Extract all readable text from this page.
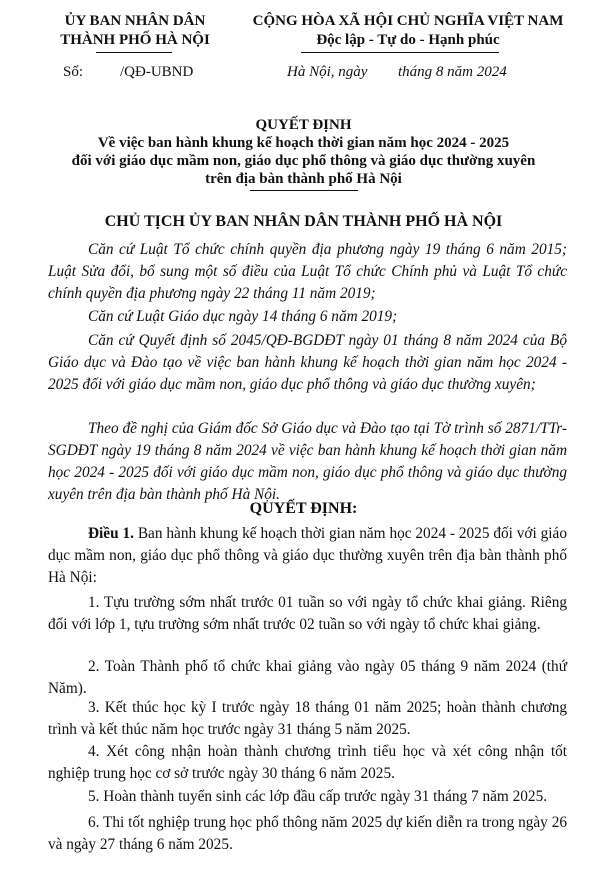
ỦY BAN NHÂN DÂN
THÀNH PHỐ HÀ NỘI
Số: /QĐ-UBND
CỘNG HÒA XÃ HỘI CHỦ NGHĨA VIỆT NAM
Độc lập - Tự do - Hạnh phúc
Hà Nội, ngày tháng 8 năm 2024
QUYẾT ĐỊNH
Về việc ban hành khung kế hoạch thời gian năm học 2024 - 2025
đối với giáo dục mầm non, giáo dục phổ thông và giáo dục thường xuyên
trên địa bàn thành phố Hà Nội
CHỦ TỊCH ỦY BAN NHÂN DÂN THÀNH PHỐ HÀ NỘI
Căn cứ Luật Tổ chức chính quyền địa phương ngày 19 tháng 6 năm 2015; Luật Sửa đổi, bổ sung một số điều của Luật Tổ chức Chính phủ và Luật Tổ chức chính quyền địa phương ngày 22 tháng 11 năm 2019;
Căn cứ Luật Giáo dục ngày 14 tháng 6 năm 2019;
Căn cứ Quyết định số 2045/QĐ-BGDĐT ngày 01 tháng 8 năm 2024 của Bộ Giáo dục và Đào tạo về việc ban hành khung kế hoạch thời gian năm học 2024 - 2025 đối với giáo dục mầm non, giáo dục phổ thông và giáo dục thường xuyên;
Theo đề nghị của Giám đốc Sở Giáo dục và Đào tạo tại Tờ trình số 2871/TTr-SGDĐT ngày 19 tháng 8 năm 2024 về việc ban hành khung kế hoạch thời gian năm học 2024 - 2025 đối với giáo dục mầm non, giáo dục phổ thông và giáo dục thường xuyên trên địa bàn thành phố Hà Nội.
QUYẾT ĐỊNH:
Điều 1. Ban hành khung kế hoạch thời gian năm học 2024 - 2025 đối với giáo dục mầm non, giáo dục phổ thông và giáo dục thường xuyên trên địa bàn thành phố Hà Nội:
1. Tựu trường sớm nhất trước 01 tuần so với ngày tổ chức khai giảng. Riêng đối với lớp 1, tựu trường sớm nhất trước 02 tuần so với ngày tổ chức khai giảng.
2. Toàn Thành phố tổ chức khai giảng vào ngày 05 tháng 9 năm 2024 (thứ Năm).
3. Kết thúc học kỳ I trước ngày 18 tháng 01 năm 2025; hoàn thành chương trình và kết thúc năm học trước ngày 31 tháng 5 năm 2025.
4. Xét công nhận hoàn thành chương trình tiểu học và xét công nhận tốt nghiệp trung học cơ sở trước ngày 30 tháng 6 năm 2025.
5. Hoàn thành tuyển sinh các lớp đầu cấp trước ngày 31 tháng 7 năm 2025.
6. Thi tốt nghiệp trung học phổ thông năm 2025 dự kiến diễn ra trong ngày 26 và ngày 27 tháng 6 năm 2025.
